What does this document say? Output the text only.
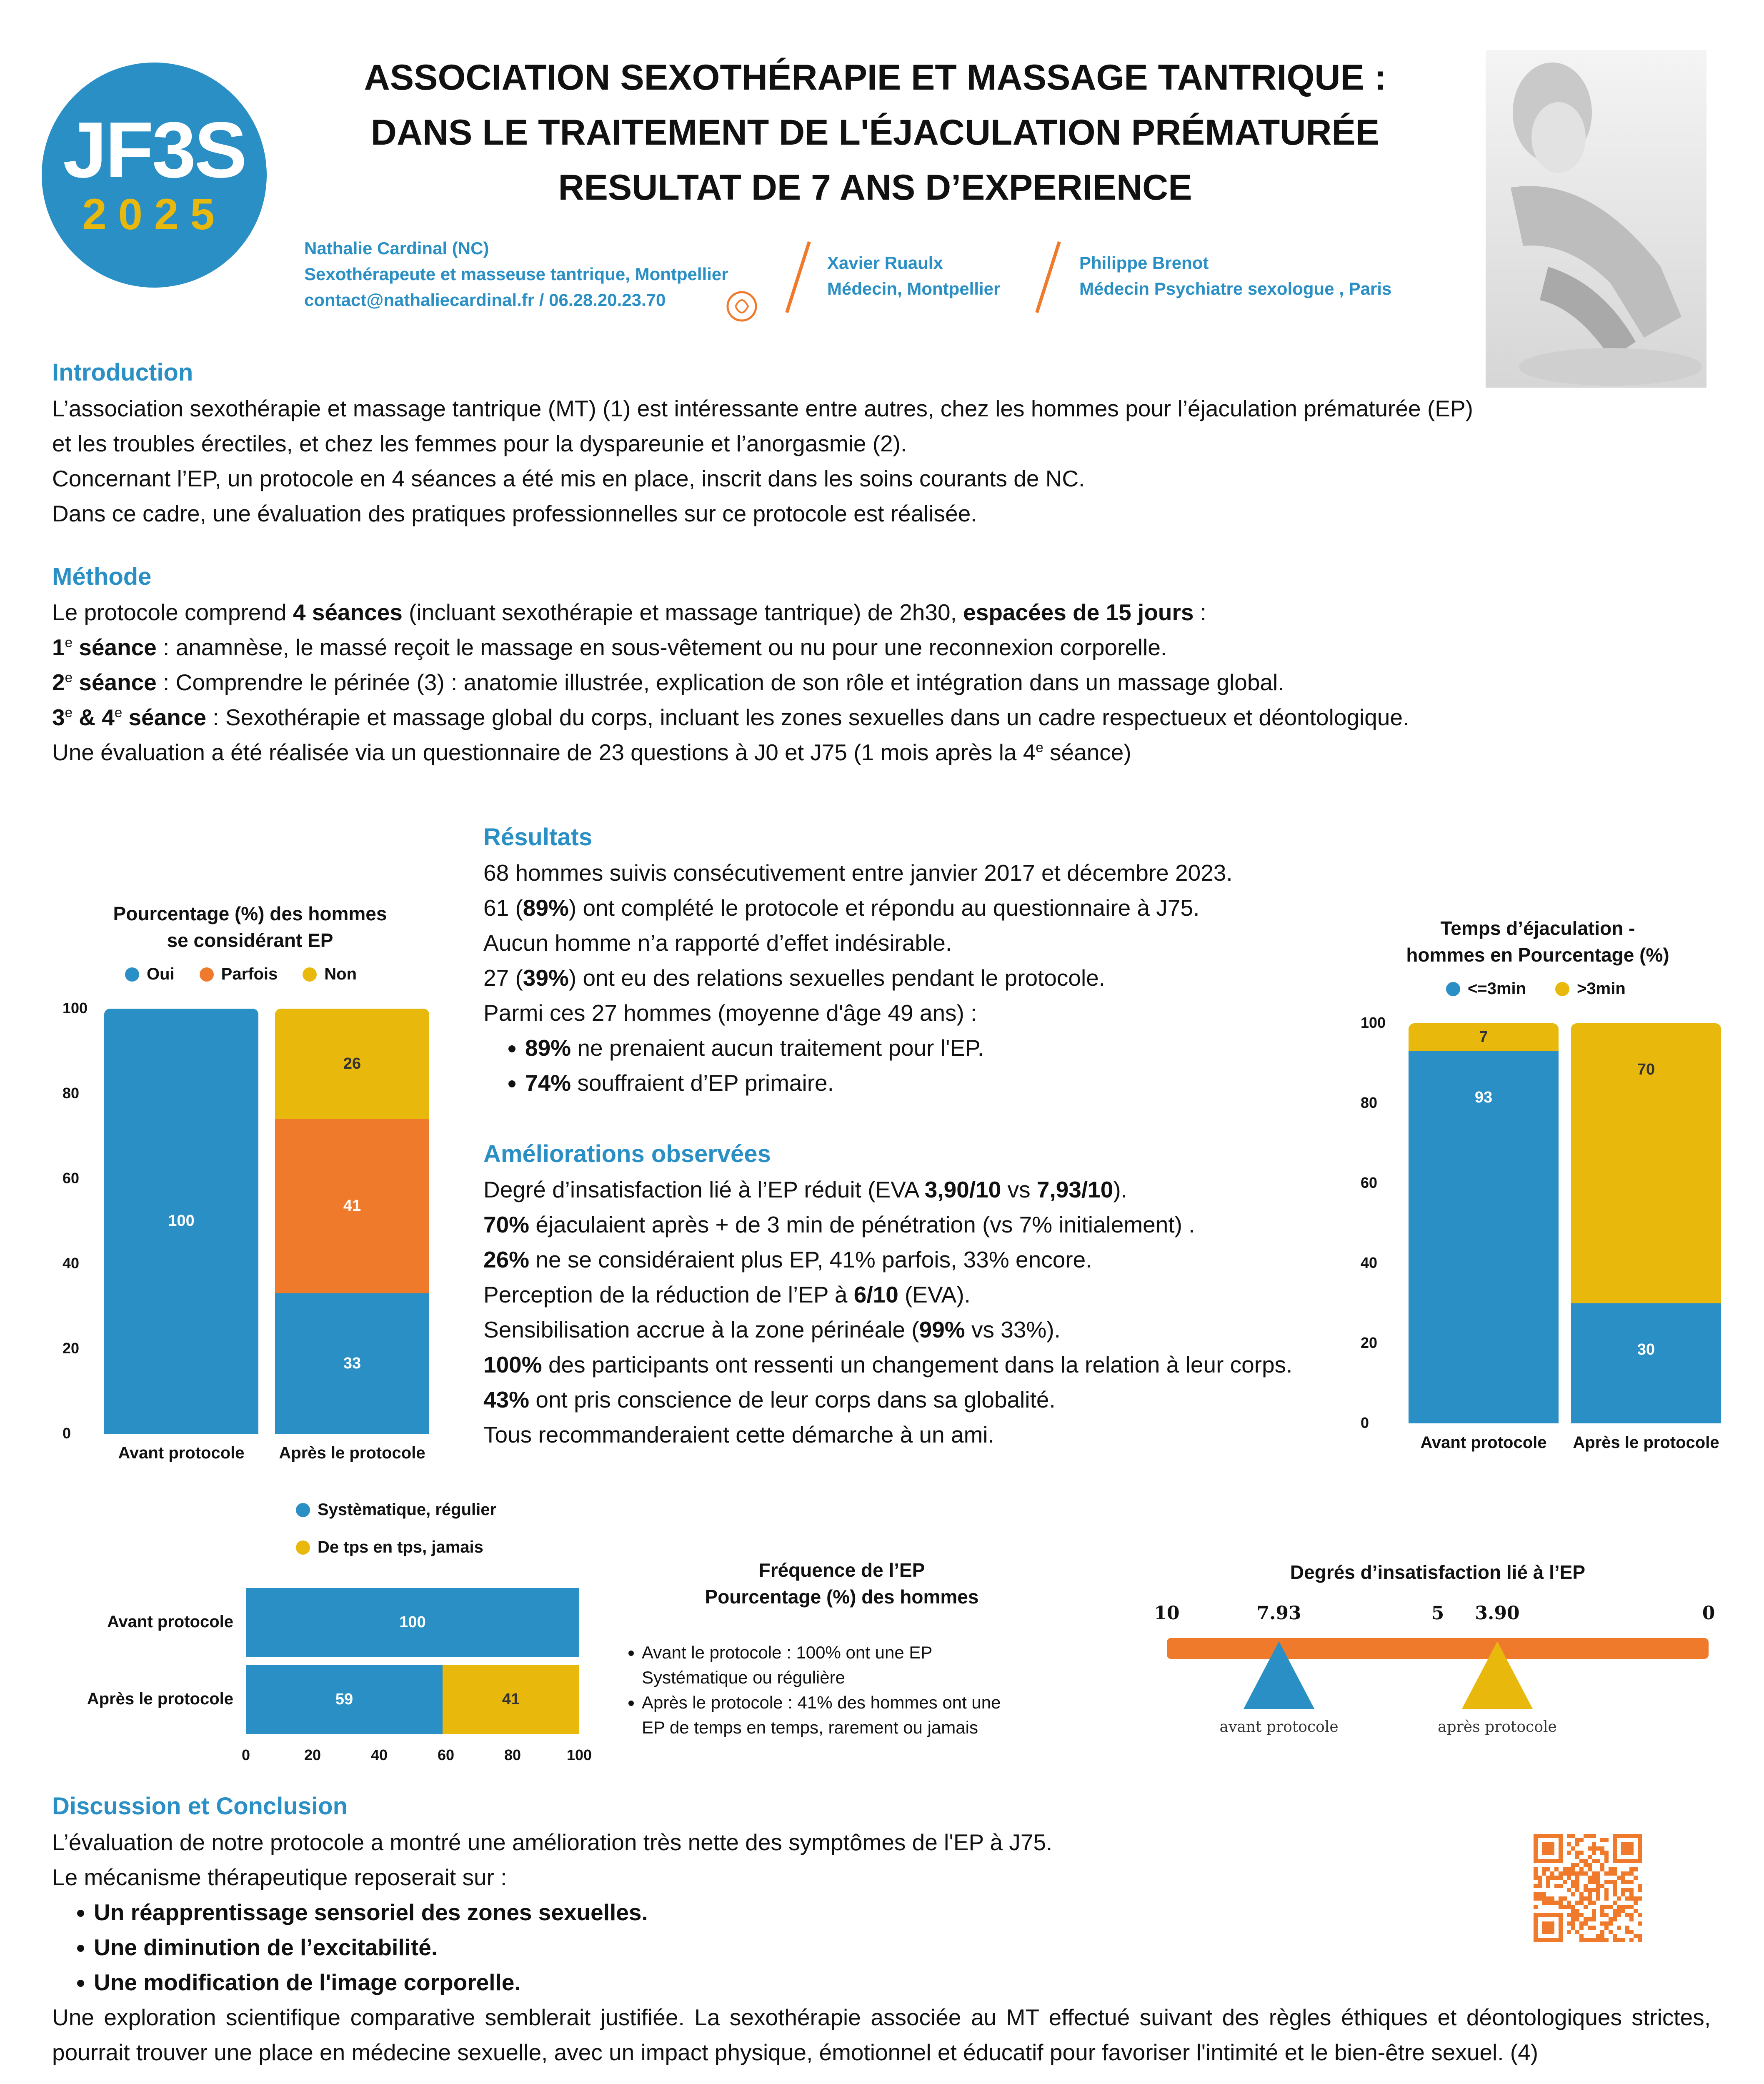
JF3S
2025
ASSOCIATION SEXOTHÉRAPIE ET MASSAGE TANTRIQUE :
DANS LE TRAITEMENT DE L'ÉJACULATION PRÉMATURÉE
RESULTAT DE 7 ANS D’EXPERIENCE
Nathalie Cardinal (NC)
Sexothérapeute et masseuse tantrique, Montpellier
contact@nathaliecardinal.fr / 06.28.20.23.70
Xavier Ruaulx
Médecin, Montpellier
Philippe Brenot
Médecin Psychiatre sexologue , Paris
Introduction
L’association sexothérapie et massage tantrique (MT) (1) est intéressante entre autres, chez les hommes pour l’éjaculation prématurée (EP) et les troubles érectiles, et chez les femmes pour la dyspareunie et l’anorgasmie (2).
Concernant l’EP, un protocole en 4 séances a été mis en place, inscrit dans les soins courants de NC.
Dans ce cadre, une évaluation des pratiques professionnelles sur ce protocole est réalisée.
Méthode
Le protocole comprend 4 séances (incluant sexothérapie et massage tantrique) de 2h30, espacées de 15 jours :
1e séance : anamnèse, le massé reçoit le massage en sous-vêtement ou nu pour une reconnexion corporelle.
2e séance : Comprendre le périnée (3) : anatomie illustrée, explication de son rôle et intégration dans un massage global.
3e & 4e séance : Sexothérapie et massage global du corps, incluant les zones sexuelles dans un cadre respectueux et déontologique.
Une évaluation a été réalisée via un questionnaire de 23 questions à J0 et J75 (1 mois après la 4e séance)
Résultats
68 hommes suivis consécutivement entre janvier 2017 et décembre 2023.
61 (89%) ont complété le protocole et répondu au questionnaire à J75.
Aucun homme n’a rapporté d’effet indésirable.
27 (39%) ont eu des relations sexuelles pendant le protocole.
Parmi ces 27 hommes (moyenne d'âge 49 ans) :
• 89% ne prenaient aucun traitement pour l'EP.
• 74% souffraient d’EP primaire.
Améliorations observées
Degré d’insatisfaction lié à l’EP réduit (EVA 3,90/10 vs 7,93/10).
70% éjaculaient après + de 3 min de pénétration (vs 7% initialement) .
26% ne se considéraient plus EP, 41% parfois, 33% encore.
Perception de la réduction de l’EP à 6/10 (EVA).
Sensibilisation accrue à la zone périnéale (99% vs 33%).
100% des participants ont ressenti un changement dans la relation à leur corps.
43% ont pris conscience de leur corps dans sa globalité.
Tous recommanderaient cette démarche à un ami.
Pourcentage (%) des hommes
se considérant EP
Oui	Parfois	Non
0
20
40
60
80
100
100
Avant protocole
33
41
26
Après le protocole
Temps d’éjaculation -
hommes en Pourcentage (%)
<=3min	>3min
0
20
40
60
80
100
93
7
Avant protocole
30
70
Après le protocole
Systèmatique, régulier
De tps en tps, jamais
100
Avant protocole
59	41
Après le protocole
0	20	40	60	80	100
Fréquence de l’EP
Pourcentage (%) des hommes
• Avant le protocole : 100% ont une EP
Systématique ou régulière
• Après le protocole : 41% des hommes ont une
EP de temps en temps, rarement ou jamais
Degrés d’insatisfaction lié à l’EP
10	7.93	5 3.90	0
avant protocole	après protocole
Discussion et Conclusion
L’évaluation de notre protocole a montré une amélioration très nette des symptômes de l'EP à J75.
Le mécanisme thérapeutique reposerait sur :
• Un réapprentissage sensoriel des zones sexuelles.
• Une diminution de l’excitabilité.
• Une modification de l'image corporelle.
Une exploration scientifique comparative semblerait justifiée. La sexothérapie associée au MT effectué suivant des règles éthiques et déontologiques strictes, pourrait trouver une place en médecine sexuelle, avec un impact physique, émotionnel et éducatif pour favoriser l'intimité et le bien-être sexuel. (4)
